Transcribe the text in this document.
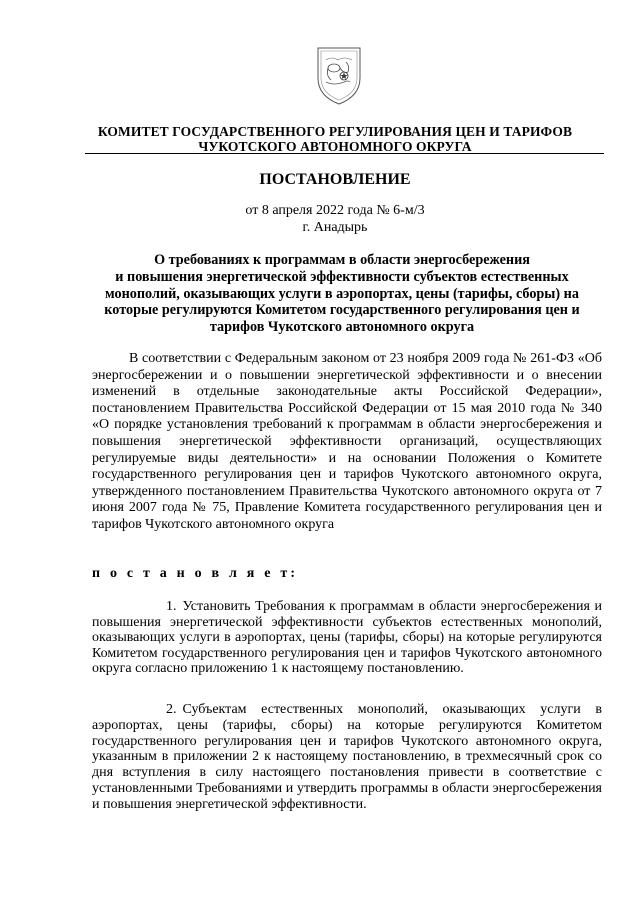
КОМИТЕТ ГОСУДАРСТВЕННОГО РЕГУЛИРОВАНИЯ ЦЕН И ТАРИФОВ
ЧУКОТСКОГО АВТОНОМНОГО ОКРУГА
ПОСТАНОВЛЕНИЕ
от 8 апреля 2022 года № 6-м/3
г. Анадырь
О требованиях к программам в области энергосбережения
и повышения энергетической эффективности субъектов естественных
монополий, оказывающих услуги в аэропортах, цены (тарифы, сборы) на
которые регулируются Комитетом государственного регулирования цен и
тарифов Чукотского автономного округа
В соответствии с Федеральным законом от 23 ноября 2009 года № 261-ФЗ «Об энергосбережении и о повышении энергетической эффективности и о внесении изменений в отдельные законодательные акты Российской Федерации», постановлением Правительства Российской Федерации от 15 мая 2010 года № 340 «О порядке установления требований к программам в области энергосбережения и повышения энергетической эффективности организаций, осуществляющих регулируемые виды деятельности» и на основании Положения о Комитете государственного регулирования цен и тарифов Чукотского автономного округа, утвержденного постановлением Правительства Чукотского автономного округа от 7 июня 2007 года № 75, Правление Комитета государственного регулирования цен и тарифов Чукотского автономного округа
п о с т а н о в л я е т:
1. Установить Требования к программам в области энергосбережения и повышения энергетической эффективности субъектов естественных монополий, оказывающих услуги в аэропортах, цены (тарифы, сборы) на которые регулируются Комитетом государственного регулирования цен и тарифов Чукотского автономного округа согласно приложению 1 к настоящему постановлению.
2. Субъектам естественных монополий, оказывающих услуги в аэропортах, цены (тарифы, сборы) на которые регулируются Комитетом государственного регулирования цен и тарифов Чукотского автономного округа, указанным в приложении 2 к настоящему постановлению, в трехмесячный срок со дня вступления в силу настоящего постановления привести в соответствие с установленными Требованиями и утвердить программы в области энергосбережения и повышения энергетической эффективности.
